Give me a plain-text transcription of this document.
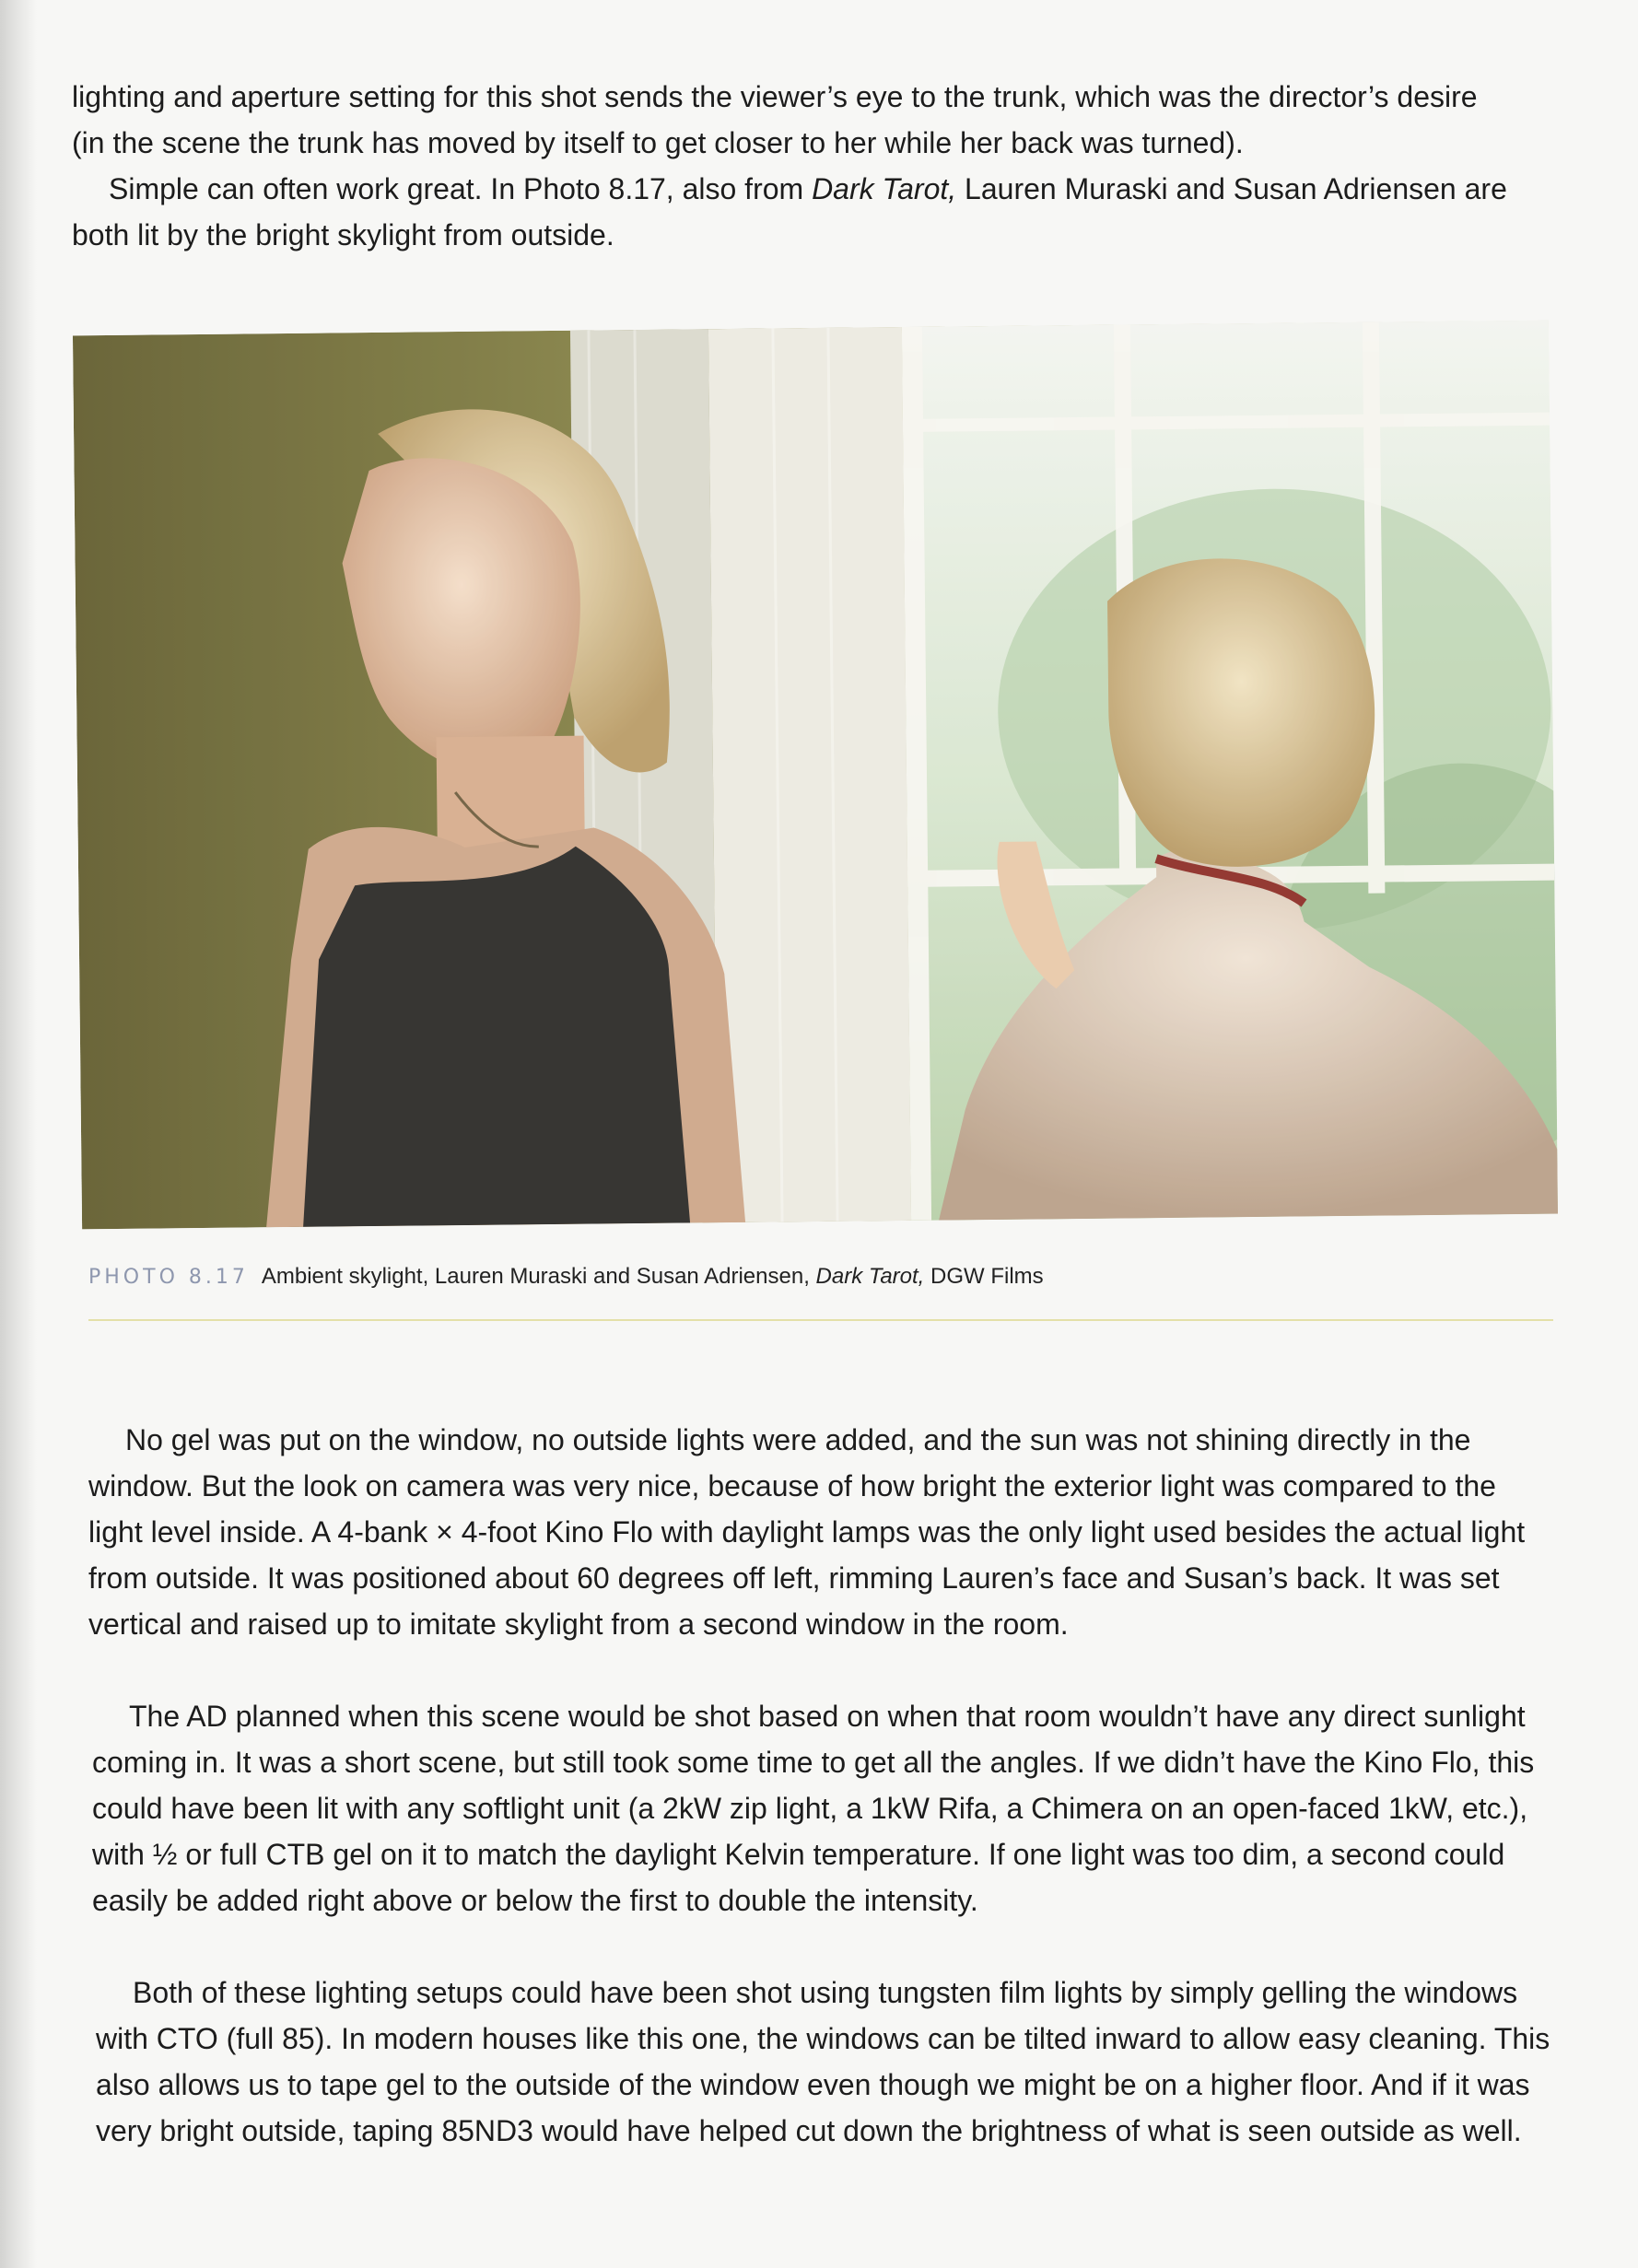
lighting and aperture setting for this shot sends the viewer’s eye to the trunk, which was the director’s desire (in the scene the trunk has moved by itself to get closer to her while her back was turned).

Simple can often work great. In Photo 8.17, also from Dark Tarot, Lauren Muraski and Susan Adriensen are both lit by the bright skylight from outside.

PHOTO 8.17 Ambient skylight, Lauren Muraski and Susan Adriensen, Dark Tarot, DGW Films

No gel was put on the window, no outside lights were added, and the sun was not shining directly in the window. But the look on camera was very nice, because of how bright the exterior light was compared to the light level inside. A 4-bank × 4-foot Kino Flo with daylight lamps was the only light used besides the actual light from outside. It was positioned about 60 degrees off left, rimming Lauren’s face and Susan’s back. It was set vertical and raised up to imitate skylight from a second window in the room.

The AD planned when this scene would be shot based on when that room wouldn’t have any direct sunlight coming in. It was a short scene, but still took some time to get all the angles. If we didn’t have the Kino Flo, this could have been lit with any softlight unit (a 2kW zip light, a 1kW Rifa, a Chimera on an open-faced 1kW, etc.), with ½ or full CTB gel on it to match the daylight Kelvin temperature. If one light was too dim, a second could easily be added right above or below the first to double the intensity.

Both of these lighting setups could have been shot using tungsten film lights by simply gelling the windows with CTO (full 85). In modern houses like this one, the windows can be tilted inward to allow easy cleaning. This also allows us to tape gel to the outside of the window even though we might be on a higher floor. And if it was very bright outside, taping 85ND3 would have helped cut down the brightness of what is seen outside as well.
